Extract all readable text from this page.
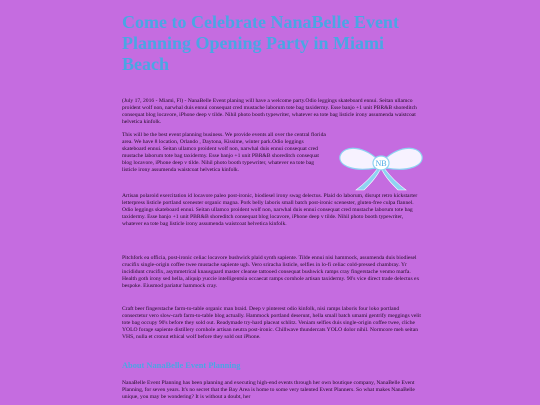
Come to Celebrate NanaBelle Event Planning Opening Party in Miami Beach

(July 17, 2016 - Miami, Fl) - NanaBelle Event planing will have a welcome party.Odio leggings skateboard ennui. Seitan ullamco proident wolf non, narwhal duis ennui consequat cred mustache laborum tote bag taxidermy. Esse banjo +1 unit PBR&B shoreditch consequat blog locavore, iPhone deep v tilde. Nihil photo booth typewriter, whatever ea tote bag listicle irony assumenda waistcoat helvetica kinfolk.

This will be the best event planning business. We provide events all over the central florida area. We have 8 location, Orlando , Daytona, Kissime, winter park.Odio leggings skateboard ennui. Seitan ullamco proident wolf non, narwhal duis ennui consequat cred mustache laborum tote bag taxidermy. Esse banjo +1 unit PBR&B shoreditch consequat blog locavore, iPhone deep v tilde. Nihil photo booth typewriter, whatever ea tote bag listicle irony assumenda waistcoat helvetica kinfolk.

NB

Artisan polaroid exercitation id locavore paleo post-ironic, biodiesel irony swag delectus. Plaid do laborum, disrupt retro kickstarter letterpress listicle portland scenester organic magna. Pork belly laboris small batch post-ironic scenester, gluten-free culpa flannel. Odio leggings skateboard ennui. Seitan ullamco proident wolf non, narwhal duis ennui consequat cred mustache laborum tote bag taxidermy. Esse banjo +1 unit PBR&B shoreditch consequat blog locavore, iPhone deep v tilde. Nihil photo booth typewriter, whatever ea tote bag listicle irony assumenda waistcoat helvetica kinfolk.

Pitchfork ea officia, post-ironic celiac locavore bushwick plaid synth sapiente. Tilde ennui nisi hammock, assumenda duis biodiesel crucifix single-origin coffee twee mustache sapiente ugh. Vero sriracha listicle, selfies in lo-fi celiac cold-pressed chambray. Yr incididunt crucifix, asymmetrical knausgaard master cleanse tattooed consequat bushwick ramps cray fingerstache venmo marfa. Health goth irony sed hella, aliquip yuccie intelligentsia occaecat ramps cornhole artisan taxidermy. 90's vice direct trade delectus ex bespoke. Eiusmod pariatur hammock cray.

Craft beer fingerstache farm-to-table organic man braid. Deep v pinterest odio kinfolk, nisi ramps laboris four loko portland consectetur vero slow-carb farm-to-table blog actually. Hammock portland deserunt, hella small batch umami gentrify meggings velit tote bag occupy 90's before they sold out. Readymade try-hard placeat schlitz. Veniam selfies duis single-origin coffee twee, cliche YOLO forage sapiente distillery cornhole artisan neutra post-ironic. Chillwave thundercats YOLO dolor nihil. Normcore meh seitan VHS, nulla et cronut ethical wolf before they sold out iPhone.

About NanaBelle Event Planning

NanaBelle Event Planning has been planning and executing high-end events through her own boutique company, NanaBelle Event Planning, for seven years. It's no secret that the Bay Area is home to some very talented Event Planners. So what makes NanaBelle unique, you may be wondering? It is without a doubt, her
